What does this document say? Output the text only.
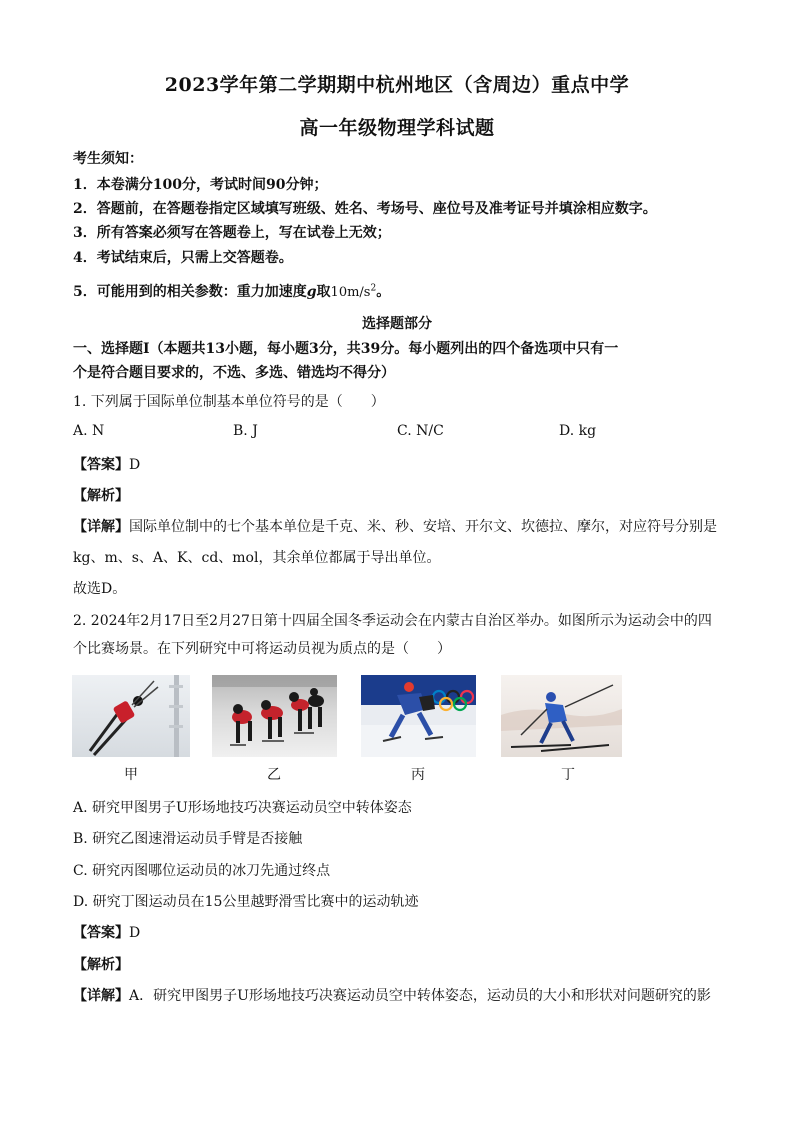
2023学年第二学期期中杭州地区（含周边）重点中学
高一年级物理学科试题
考生须知：
1．本卷满分100分，考试时间90分钟；
2．答题前，在答题卷指定区域填写班级、姓名、考场号、座位号及准考证号并填涂相应数字。
3．所有答案必须写在答题卷上，写在试卷上无效；
4．考试结束后，只需上交答题卷。
5．可能用到的相关参数：重力加速度g取$10m/s^2$。
选择题部分
一、选择题Ⅰ（本题共13小题，每小题3分，共39分。每小题列出的四个备选项中只有一
个是符合题目要求的，不选、多选、错选均不得分）
1. 下列属于国际单位制基本单位符号的是（　　）
A. N	B. J	C. N/C	D. kg
【答案】D
【解析】
【详解】国际单位制中的七个基本单位是千克、米、秒、安培、开尔文、坎德拉、摩尔，对应符号分别是
kg、m、s、A、K、cd、mol，其余单位都属于导出单位。
故选D。
2. 2024年2月17日至2月27日第十四届全国冬季运动会在内蒙古自治区举办。如图所示为运动会中的四
个比赛场景。在下列研究中可将运动员视为质点的是（　　）
甲	乙	丙	丁
A. 研究甲图男子U形场地技巧决赛运动员空中转体姿态
B. 研究乙图速滑运动员手臂是否接触
C. 研究丙图哪位运动员的冰刀先通过终点
D. 研究丁图运动员在15公里越野滑雪比赛中的运动轨迹
【答案】D
【解析】
【详解】A．研究甲图男子U形场地技巧决赛运动员空中转体姿态，运动员的大小和形状对问题研究的影
